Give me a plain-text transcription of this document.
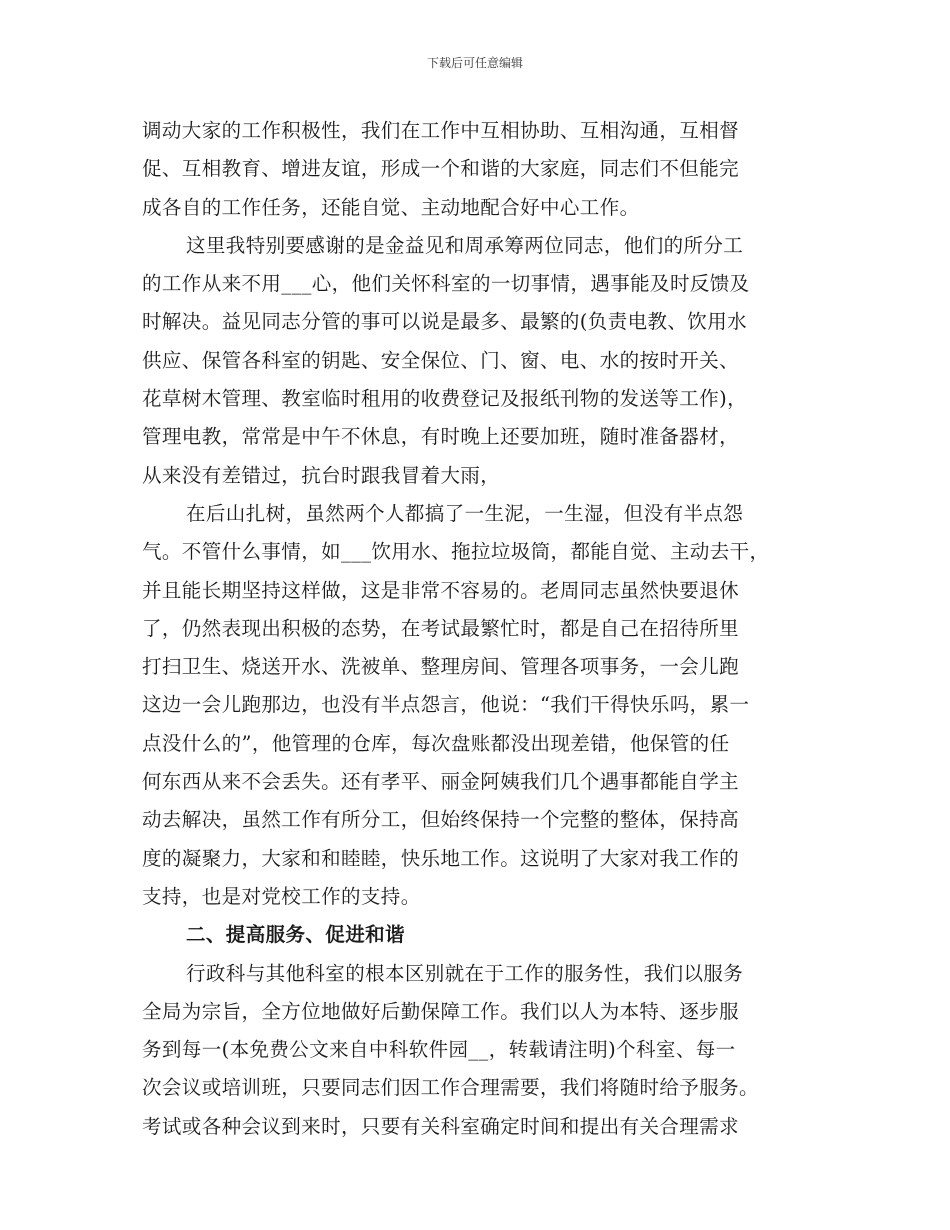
下载后可任意编辑
调动大家的工作积极性，我们在工作中互相协助、互相沟通，互相督
促、互相教育、增进友谊，形成一个和谐的大家庭，同志们不但能完
成各自的工作任务，还能自觉、主动地配合好中心工作。
这里我特别要感谢的是金益见和周承筹两位同志，他们的所分工
的工作从来不用___心，他们关怀科室的一切事情，遇事能及时反馈及
时解决。益见同志分管的事可以说是最多、最繁的(负责电教、饮用水
供应、保管各科室的钥匙、安全保位、门、窗、电、水的按时开关、
花草树木管理、教室临时租用的收费登记及报纸刊物的发送等工作)，
管理电教，常常是中午不休息，有时晚上还要加班，随时准备器材，
从来没有差错过，抗台时跟我冒着大雨，
在后山扎树，虽然两个人都搞了一生泥，一生湿，但没有半点怨
气。不管什么事情，如___饮用水、拖拉垃圾筒，都能自觉、主动去干，
并且能长期坚持这样做，这是非常不容易的。老周同志虽然快要退休
了，仍然表现出积极的态势，在考试最繁忙时，都是自己在招待所里
打扫卫生、烧送开水、洗被单、整理房间、管理各项事务，一会儿跑
这边一会儿跑那边，也没有半点怨言，他说：“我们干得快乐吗，累一
点没什么的”，他管理的仓库，每次盘账都没出现差错，他保管的任
何东西从来不会丢失。还有孝平、丽金阿姨我们几个遇事都能自学主
动去解决，虽然工作有所分工，但始终保持一个完整的整体，保持高
度的凝聚力，大家和和睦睦，快乐地工作。这说明了大家对我工作的
支持，也是对党校工作的支持。
二、提高服务、促进和谐
行政科与其他科室的根本区别就在于工作的服务性，我们以服务
全局为宗旨，全方位地做好后勤保障工作。我们以人为本特、逐步服
务到每一(本免费公文来自中科软件园__，转载请注明)个科室、每一
次会议或培训班，只要同志们因工作合理需要，我们将随时给予服务。
考试或各种会议到来时，只要有关科室确定时间和提出有关合理需求
